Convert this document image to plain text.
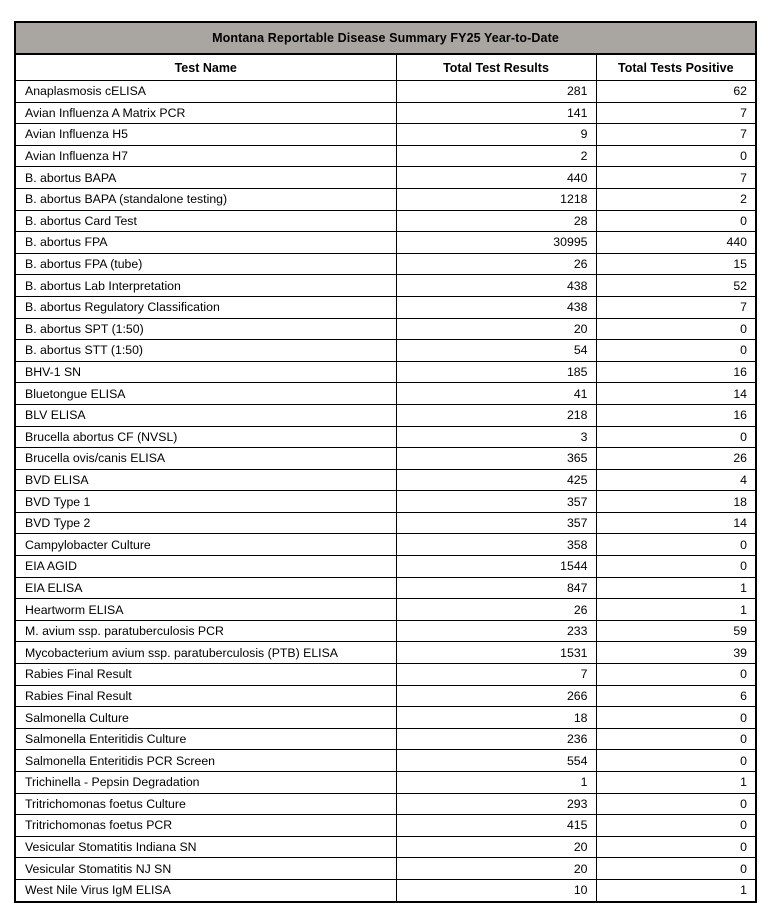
Montana Reportable Disease Summary FY25 Year-to-Date		
Test Name	Total Test Results	Total Tests Positive
Anaplasmosis cELISA	281	62
Avian Influenza A Matrix PCR	141	7
Avian Influenza H5	9	7
Avian Influenza H7	2	0
B. abortus BAPA	440	7
B. abortus BAPA (standalone testing)	1218	2
B. abortus Card Test	28	0
B. abortus FPA	30995	440
B. abortus FPA (tube)	26	15
B. abortus Lab Interpretation	438	52
B. abortus Regulatory Classification	438	7
B. abortus SPT (1:50)	20	0
B. abortus STT (1:50)	54	0
BHV-1 SN	185	16
Bluetongue ELISA	41	14
BLV ELISA	218	16
Brucella abortus CF (NVSL)	3	0
Brucella ovis/canis ELISA	365	26
BVD ELISA	425	4
BVD Type 1	357	18
BVD Type 2	357	14
Campylobacter Culture	358	0
EIA AGID	1544	0
EIA ELISA	847	1
Heartworm ELISA	26	1
M. avium ssp. paratuberculosis PCR	233	59
Mycobacterium avium ssp. paratuberculosis (PTB) ELISA	1531	39
Rabies Final Result	7	0
Rabies Final Result	266	6
Salmonella Culture	18	0
Salmonella Enteritidis Culture	236	0
Salmonella Enteritidis PCR Screen	554	0
Trichinella - Pepsin Degradation	1	1
Tritrichomonas foetus Culture	293	0
Tritrichomonas foetus PCR	415	0
Vesicular Stomatitis Indiana SN	20	0
Vesicular Stomatitis NJ SN	20	0
West Nile Virus IgM ELISA	10	1
